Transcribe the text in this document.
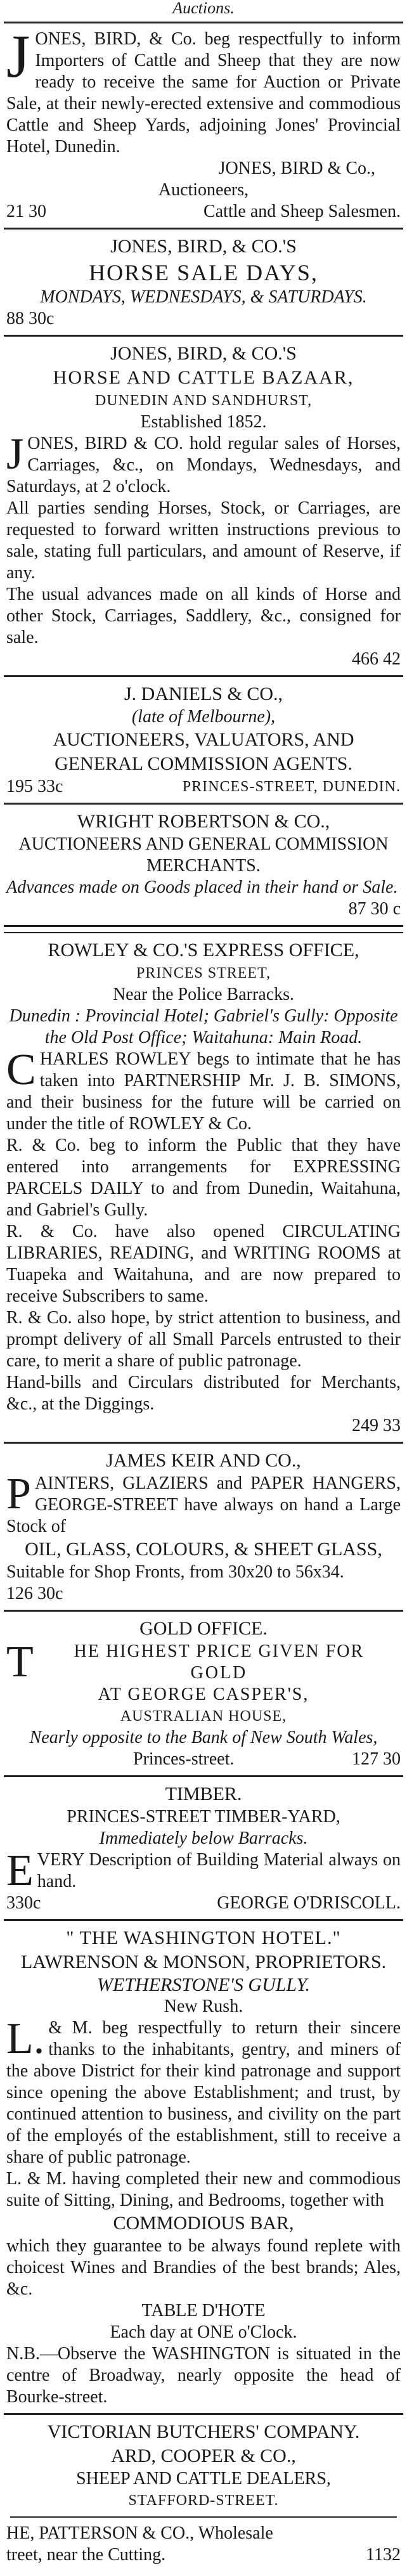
Auctions.
J ONES, BIRD, & Co. beg respectfully to inform Importers of Cattle and Sheep that they are now ready to receive the same for Auction or Private Sale, at their newly-erected extensive and commodious Cattle and Sheep Yards, adjoining Jones' Provincial Hotel, Dunedin.

JONES, BIRD & Co.,

Auctioneers,

21 30	Cattle and Sheep Salesmen.

JONES, BIRD, & CO.'S

HORSE SALE DAYS,

MONDAYS, WEDNESDAYS, & SATURDAYS.

88 30c

JONES, BIRD, & CO.'S

HORSE AND CATTLE BAZAAR,

DUNEDIN AND SANDHURST,

Established 1852.

J ONES, BIRD & CO. hold regular sales of Horses, Carriages, &c., on Mondays, Wednesdays, and Saturdays, at 2 o'clock.

All parties sending Horses, Stock, or Carriages, are requested to forward written instructions previous to sale, stating full particulars, and amount of Reserve, if any.

The usual advances made on all kinds of Horse and other Stock, Carriages, Saddlery, &c., consigned for sale.

466 42

J. DANIELS & CO.,

(late of Melbourne),

AUCTIONEERS, VALUATORS, AND

GENERAL COMMISSION AGENTS.

195 33c	PRINCES-STREET, DUNEDIN.

WRIGHT ROBERTSON & CO.,

AUCTIONEERS AND GENERAL COMMISSION MERCHANTS.

Advances made on Goods placed in their hand or Sale.

87 30 c

ROWLEY & CO.'S EXPRESS OFFICE,

PRINCES STREET,

Near the Police Barracks.

Dunedin : Provincial Hotel; Gabriel's Gully: Opposite the Old Post Office; Waitahuna: Main Road.

C HARLES ROWLEY begs to intimate that he has taken into PARTNERSHIP Mr. J. B. SIMONS, and their business for the future will be carried on under the title of ROWLEY & Co.

R. & Co. beg to inform the Public that they have entered into arrangements for EXPRESSING PARCELS DAILY to and from Dunedin, Waitahuna, and Gabriel's Gully.

R. & Co. have also opened CIRCULATING LIBRARIES, READING, and WRITING ROOMS at Tuapeka and Waitahuna, and are now prepared to receive Subscribers to same.

R. & Co. also hope, by strict attention to business, and prompt delivery of all Small Parcels entrusted to their care, to merit a share of public patronage.

Hand-bills and Circulars distributed for Merchants, &c., at the Diggings.

249 33

JAMES KEIR AND CO.,

P AINTERS, GLAZIERS and PAPER HANGERS, GEORGE-STREET have always on hand a Large Stock of

OIL, GLASS, COLOURS, & SHEET GLASS,

Suitable for Shop Fronts, from 30x20 to 56x34.

126 30c

GOLD OFFICE.

T	HE HIGHEST PRICE GIVEN FOR

GOLD

AT GEORGE CASPER'S,

AUSTRALIAN HOUSE,

Nearly opposite to the Bank of New South Wales,

Princes-street.	127 30

TIMBER.

PRINCES-STREET TIMBER-YARD,

Immediately below Barracks.

E VERY Description of Building Material always on hand.

330c	GEORGE O'DRISCOLL.

" THE WASHINGTON HOTEL."

LAWRENSON & MONSON, PROPRIETORS.

WETHERSTONE'S GULLY.

New Rush.

L. & M. beg respectfully to return their sincere thanks to the inhabitants, gentry, and miners of the above District for their kind patronage and support since opening the above Establishment; and trust, by continued attention to business, and civility on the part of the employés of the establishment, still to receive a share of public patronage.

L. & M. having completed their new and commodious suite of Sitting, Dining, and Bedrooms, together with

COMMODIOUS BAR,

which they guarantee to be always found replete with choicest Wines and Brandies of the best brands; Ales, &c.

TABLE D'HOTE

Each day at ONE o'Clock.

N.B.—Observe the WASHINGTON is situated in the centre of Broadway, nearly opposite the head of Bourke-street.

VICTORIAN BUTCHERS' COMPANY.

ARD, COOPER & CO.,

SHEEP AND CATTLE DEALERS,

STAFFORD-STREET.

HE, PATTERSON & CO., Wholesale

treet, near the Cutting.	1132
